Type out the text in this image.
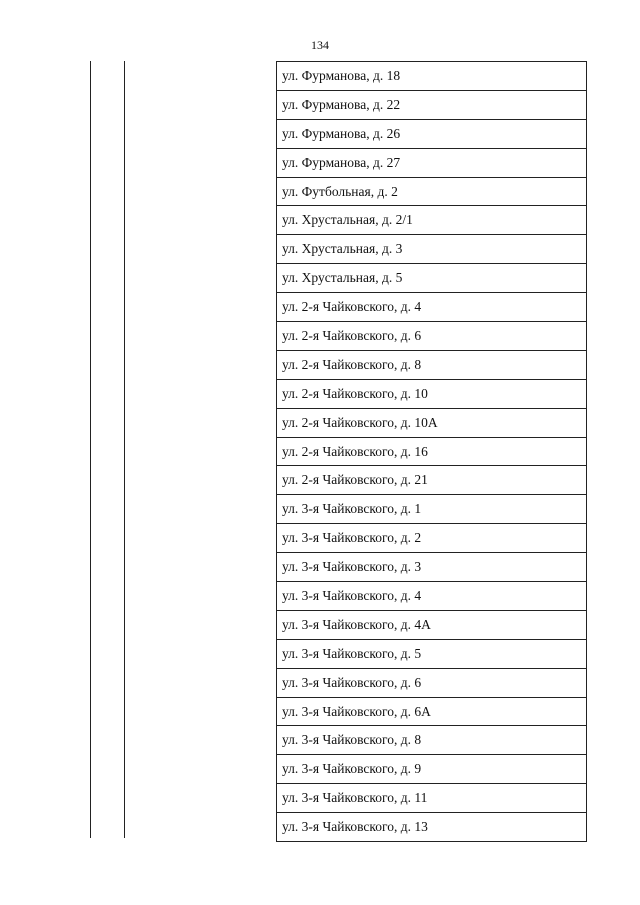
134
ул. Фурманова, д. 18
ул. Фурманова, д. 22
ул. Фурманова, д. 26
ул. Фурманова, д. 27
ул. Футбольная, д. 2
ул. Хрустальная, д. 2/1
ул. Хрустальная, д. 3
ул. Хрустальная, д. 5
ул. 2-я Чайковского, д. 4
ул. 2-я Чайковского, д. 6
ул. 2-я Чайковского, д. 8
ул. 2-я Чайковского, д. 10
ул. 2-я Чайковского, д. 10А
ул. 2-я Чайковского, д. 16
ул. 2-я Чайковского, д. 21
ул. 3-я Чайковского, д. 1
ул. 3-я Чайковского, д. 2
ул. 3-я Чайковского, д. 3
ул. 3-я Чайковского, д. 4
ул. 3-я Чайковского, д. 4А
ул. 3-я Чайковского, д. 5
ул. 3-я Чайковского, д. 6
ул. 3-я Чайковского, д. 6А
ул. 3-я Чайковского, д. 8
ул. 3-я Чайковского, д. 9
ул. 3-я Чайковского, д. 11
ул. 3-я Чайковского, д. 13
